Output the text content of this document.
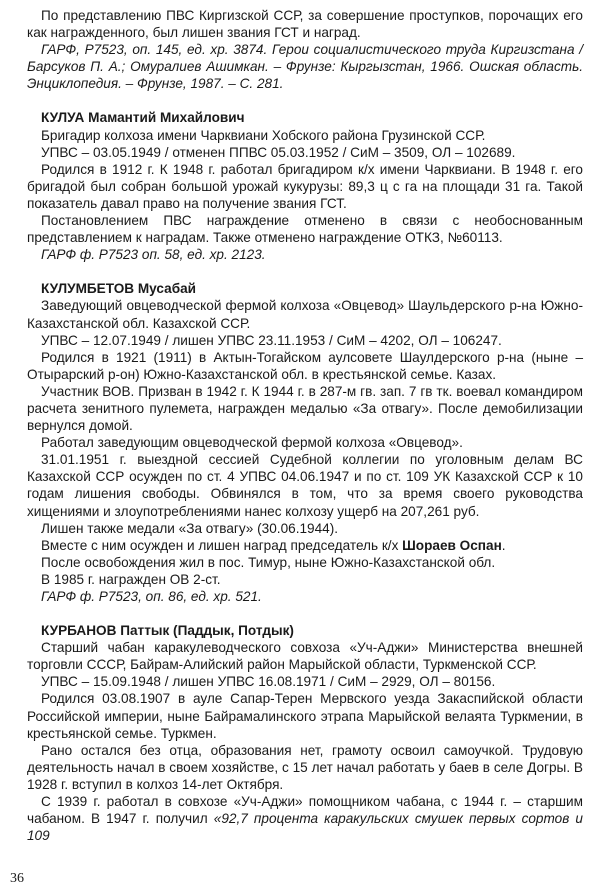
По представлению ПВС Киргизской ССР, за совершение проступков, порочащих его как награжденного, был лишен звания ГСТ и наград.

ГАРФ, Р7523, оп. 145, ед. хр. 3874. Герои социалистического труда Киргизстана / Барсуков П. А.; Омуралиев Ашимкан. – Фрунзе: Кыргызстан, 1966. Ошская область. Энциклопедия. – Фрунзе, 1987. – С. 281.

КУЛУА Мамантий Михайлович

Бригадир колхоза имени Чарквиани Хобского района Грузинской ССР.

УПВС – 03.05.1949 / отменен ППВС 05.03.1952 / СиМ – 3509, ОЛ – 102689.

Родился в 1912 г. К 1948 г. работал бригадиром к/х имени Чарквиани. В 1948 г. его бригадой был собран большой урожай кукурузы: 89,3 ц с га на площади 31 га. Такой показатель давал право на получение звания ГСТ.

Постановлением ПВС награждение отменено в связи с необоснованным представлением к наградам. Также отменено награждение ОТКЗ, №60113.

ГАРФ ф. Р7523 оп. 58, ед. хр. 2123.

КУЛУМБЕТОВ Мусабай

Заведующий овцеводческой фермой колхоза «Овцевод» Шаульдерского р-на Южно-Казахстанской обл. Казахской ССР.

УПВС – 12.07.1949 / лишен УПВС 23.11.1953 / СиМ – 4202, ОЛ – 106247.

Родился в 1921 (1911) в Актын-Тогайском аулсовете Шаулдерского р-на (ныне – Отырарский р-он) Южно-Казахстанской обл. в крестьянской семье. Казах.

Участник ВОВ. Призван в 1942 г. К 1944 г. в 287-м гв. зап. 7 гв тк. воевал командиром расчета зенитного пулемета, награжден медалью «За отвагу». После демобилизации вернулся домой.

Работал заведующим овцеводческой фермой колхоза «Овцевод».

31.01.1951 г. выездной сессией Судебной коллегии по уголовным делам ВС Казахской ССР осужден по ст. 4 УПВС 04.06.1947 и по ст. 109 УК Казахской ССР к 10 годам лишения свободы. Обвинялся в том, что за время своего руководства хищениями и злоупотреблениями нанес колхозу ущерб на 207,261 руб.

Лишен также медали «За отвагу» (30.06.1944).

Вместе с ним осужден и лишен наград председатель к/х Шораев Оспан.

После освобождения жил в пос. Тимур, ныне Южно-Казахстанской обл.

В 1985 г. награжден ОВ 2-ст.

ГАРФ ф. Р7523, оп. 86, ед. хр. 521.

КУРБАНОВ Паттык (Паддык, Потдык)

Старший чабан каракулеводческого совхоза «Уч-Аджи» Министерства внешней торговли СССР, Байрам-Алийский район Марыйской области, Туркменской ССР.

УПВС – 15.09.1948 / лишен УПВС 16.08.1971 / СиМ – 2929, ОЛ – 80156.

Родился 03.08.1907 в ауле Сапар-Терен Мервского уезда Закаспийской области Российской империи, ныне Байрамалинского этрапа Марыйской велаята Туркмении, в крестьянской семье. Туркмен.

Рано остался без отца, образования нет, грамоту освоил самоучкой. Трудовую деятельность начал в своем хозяйстве, с 15 лет начал работать у баев в селе Догры. В 1928 г. вступил в колхоз 14-лет Октября.

С 1939 г. работал в совхозе «Уч-Аджи» помощником чабана, с 1944 г. – старшим чабаном. В 1947 г. получил «92,7 процента каракульских смушек первых сортов и 109

36
